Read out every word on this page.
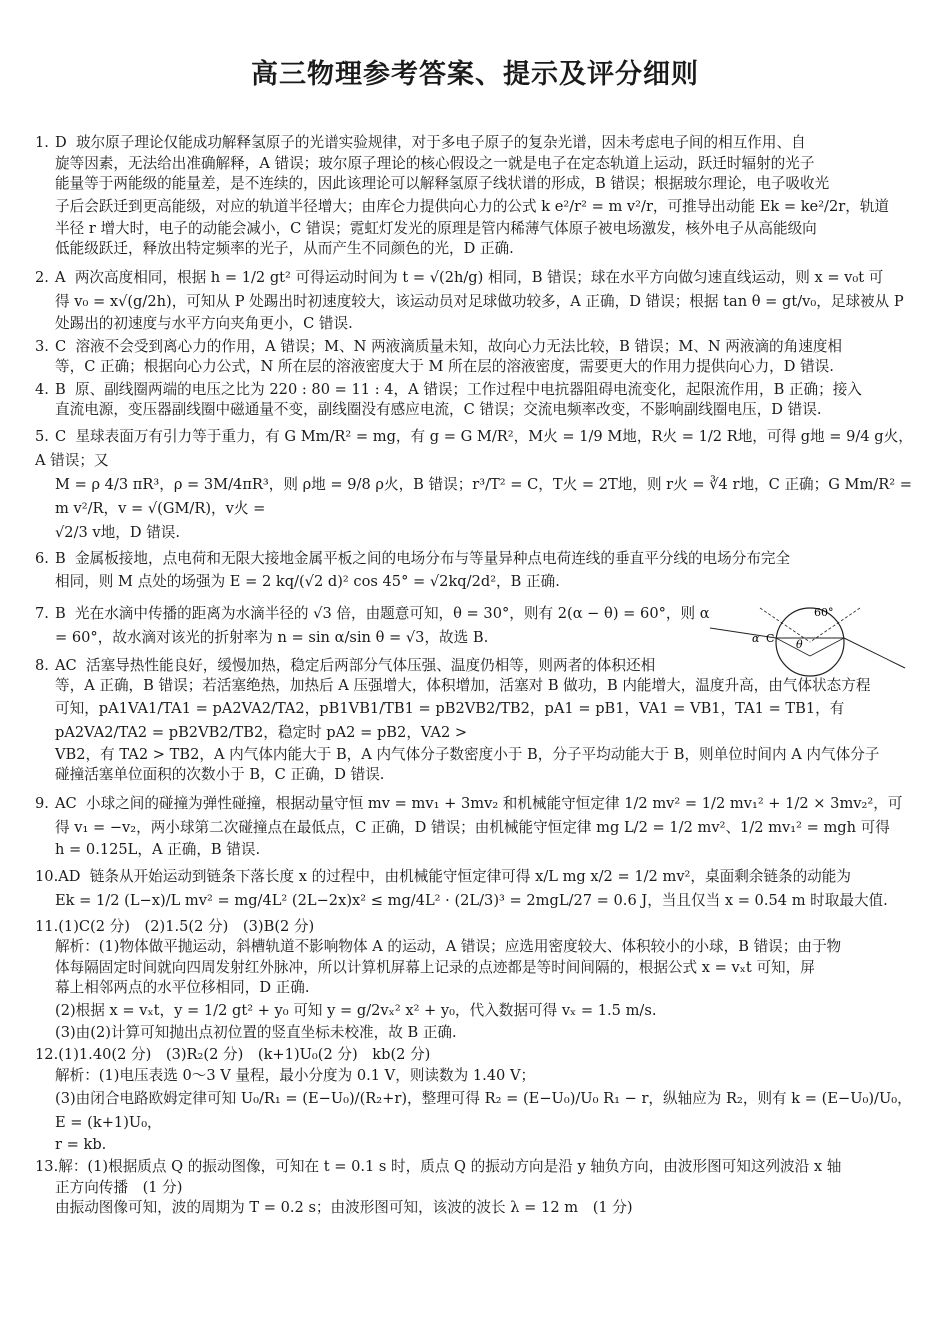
高三物理参考答案、提示及评分细则
1. D 玻尔原子理论仅能成功解释氢原子的光谱实验规律，对于多电子原子的复杂光谱，因未考虑电子间的相互作用、自
旋等因素，无法给出准确解释，A 错误；玻尔原子理论的核心假设之一就是电子在定态轨道上运动，跃迁时辐射的光子
能量等于两能级的能量差，是不连续的，因此该理论可以解释氢原子线状谱的形成，B 错误；根据玻尔理论，电子吸收光
子后会跃迁到更高能级，对应的轨道半径增大；由库仑力提供向心力的公式 k e²/r² = m v²/r，可推导出动能 Ek = ke²/2r，轨道
半径 r 增大时，电子的动能会减小，C 错误；霓虹灯发光的原理是管内稀薄气体原子被电场激发，核外电子从高能级向
低能级跃迁，释放出特定频率的光子，从而产生不同颜色的光，D 正确.
2. A 两次高度相同，根据 h = 1/2 gt² 可得运动时间为 t = √(2h/g) 相同，B 错误；球在水平方向做匀速直线运动，则 x = v₀t 可
得 v₀ = x√(g/2h)，可知从 P 处踢出时初速度较大，该运动员对足球做功较多，A 正确，D 错误；根据 tan θ = gt/v₀，足球被从 P
处踢出的初速度与水平方向夹角更小，C 错误.
3. C 溶液不会受到离心力的作用，A 错误；M、N 两液滴质量未知，故向心力无法比较，B 错误；M、N 两液滴的角速度相
等，C 正确；根据向心力公式，N 所在层的溶液密度大于 M 所在层的溶液密度，需要更大的作用力提供向心力，D 错误.
4. B 原、副线圈两端的电压之比为 220 : 80 = 11 : 4，A 错误；工作过程中电抗器阻碍电流变化，起限流作用，B 正确；接入
直流电源，变压器副线圈中磁通量不变，副线圈没有感应电流，C 错误；交流电频率改变，不影响副线圈电压，D 错误.
5. C 星球表面万有引力等于重力，有 G Mm/R² = mg，有 g = G M/R²，M火 = 1/9 M地，R火 = 1/2 R地，可得 g地 = 9/4 g火，A 错误；又
M = ρ 4/3 πR³，ρ = 3M/4πR³，则 ρ地 = 9/8 ρ火，B 错误；r³/T² = C，T火 = 2T地，则 r火 = ∛4 r地，C 正确；G Mm/R² = m v²/R，v = √(GM/R)，v火 =
√2/3 v地，D 错误.
6. B 金属板接地，点电荷和无限大接地金属平板之间的电场分布与等量异种点电荷连线的垂直平分线的电场分布完全
相同，则 M 点处的场强为 E = 2 kq/(√2 d)² cos 45° = √2kq/2d²，B 正确.
7. B 光在水滴中传播的距离为水滴半径的 √3 倍，由题意可知，θ = 30°，则有 2(α − θ) = 60°，则 α
= 60°，故水滴对该光的折射率为 n = sin α/sin θ = √3，故选 B.
60°
α C θ
8. AC 活塞导热性能良好，缓慢加热，稳定后两部分气体压强、温度仍相等，则两者的体积还相
等，A 正确，B 错误；若活塞绝热，加热后 A 压强增大，体积增加，活塞对 B 做功，B 内能增大，温度升高，由气体状态方程
可知，pA1VA1/TA1 = pA2VA2/TA2，pB1VB1/TB1 = pB2VB2/TB2，pA1 = pB1，VA1 = VB1，TA1 = TB1，有 pA2VA2/TA2 = pB2VB2/TB2，稳定时 pA2 = pB2，VA2 >
VB2，有 TA2 > TB2，A 内气体内能大于 B，A 内气体分子数密度小于 B，分子平均动能大于 B，则单位时间内 A 内气体分子
碰撞活塞单位面积的次数小于 B，C 正确，D 错误.
9. AC 小球之间的碰撞为弹性碰撞，根据动量守恒 mv = mv₁ + 3mv₂ 和机械能守恒定律 1/2 mv² = 1/2 mv₁² + 1/2 × 3mv₂²，可
得 v₁ = −v₂，两小球第二次碰撞点在最低点，C 正确，D 错误；由机械能守恒定律 mg L/2 = 1/2 mv²、1/2 mv₁² = mgh 可得
h = 0.125L，A 正确，B 错误.
10.AD 链条从开始运动到链条下落长度 x 的过程中，由机械能守恒定律可得 x/L mg x/2 = 1/2 mv²，桌面剩余链条的动能为
Ek = 1/2 (L−x)/L mv² = mg/4L² (2L−2x)x² ≤ mg/4L² · (2L/3)³ = 2mgL/27 = 0.6 J，当且仅当 x = 0.54 m 时取最大值.
11.(1)C(2 分)　(2)1.5(2 分)　(3)B(2 分)
解析：(1)物体做平抛运动，斜槽轨道不影响物体 A 的运动，A 错误；应选用密度较大、体积较小的小球，B 错误；由于物
体每隔固定时间就向四周发射红外脉冲，所以计算机屏幕上记录的点迹都是等时间间隔的，根据公式 x = vₓt 可知，屏
幕上相邻两点的水平位移相同，D 正确.
(2)根据 x = vₓt，y = 1/2 gt² + y₀ 可知 y = g/2vₓ² x² + y₀，代入数据可得 vₓ = 1.5 m/s.
(3)由(2)计算可知抛出点初位置的竖直坐标未校准，故 B 正确.
12.(1)1.40(2 分)　(3)R₂(2 分)　(k+1)U₀(2 分)　kb(2 分)
解析：(1)电压表选 0～3 V 量程，最小分度为 0.1 V，则读数为 1.40 V；
(3)由闭合电路欧姆定律可知 U₀/R₁ = (E−U₀)/(R₂+r)，整理可得 R₂ = (E−U₀)/U₀ R₁ − r，纵轴应为 R₂，则有 k = (E−U₀)/U₀，E = (k+1)U₀，
r = kb.
13.解：(1)根据质点 Q 的振动图像，可知在 t = 0.1 s 时，质点 Q 的振动方向是沿 y 轴负方向，由波形图可知这列波沿 x 轴
正方向传播　(1 分)
由振动图像可知，波的周期为 T = 0.2 s；由波形图可知，该波的波长 λ = 12 m　(1 分)
